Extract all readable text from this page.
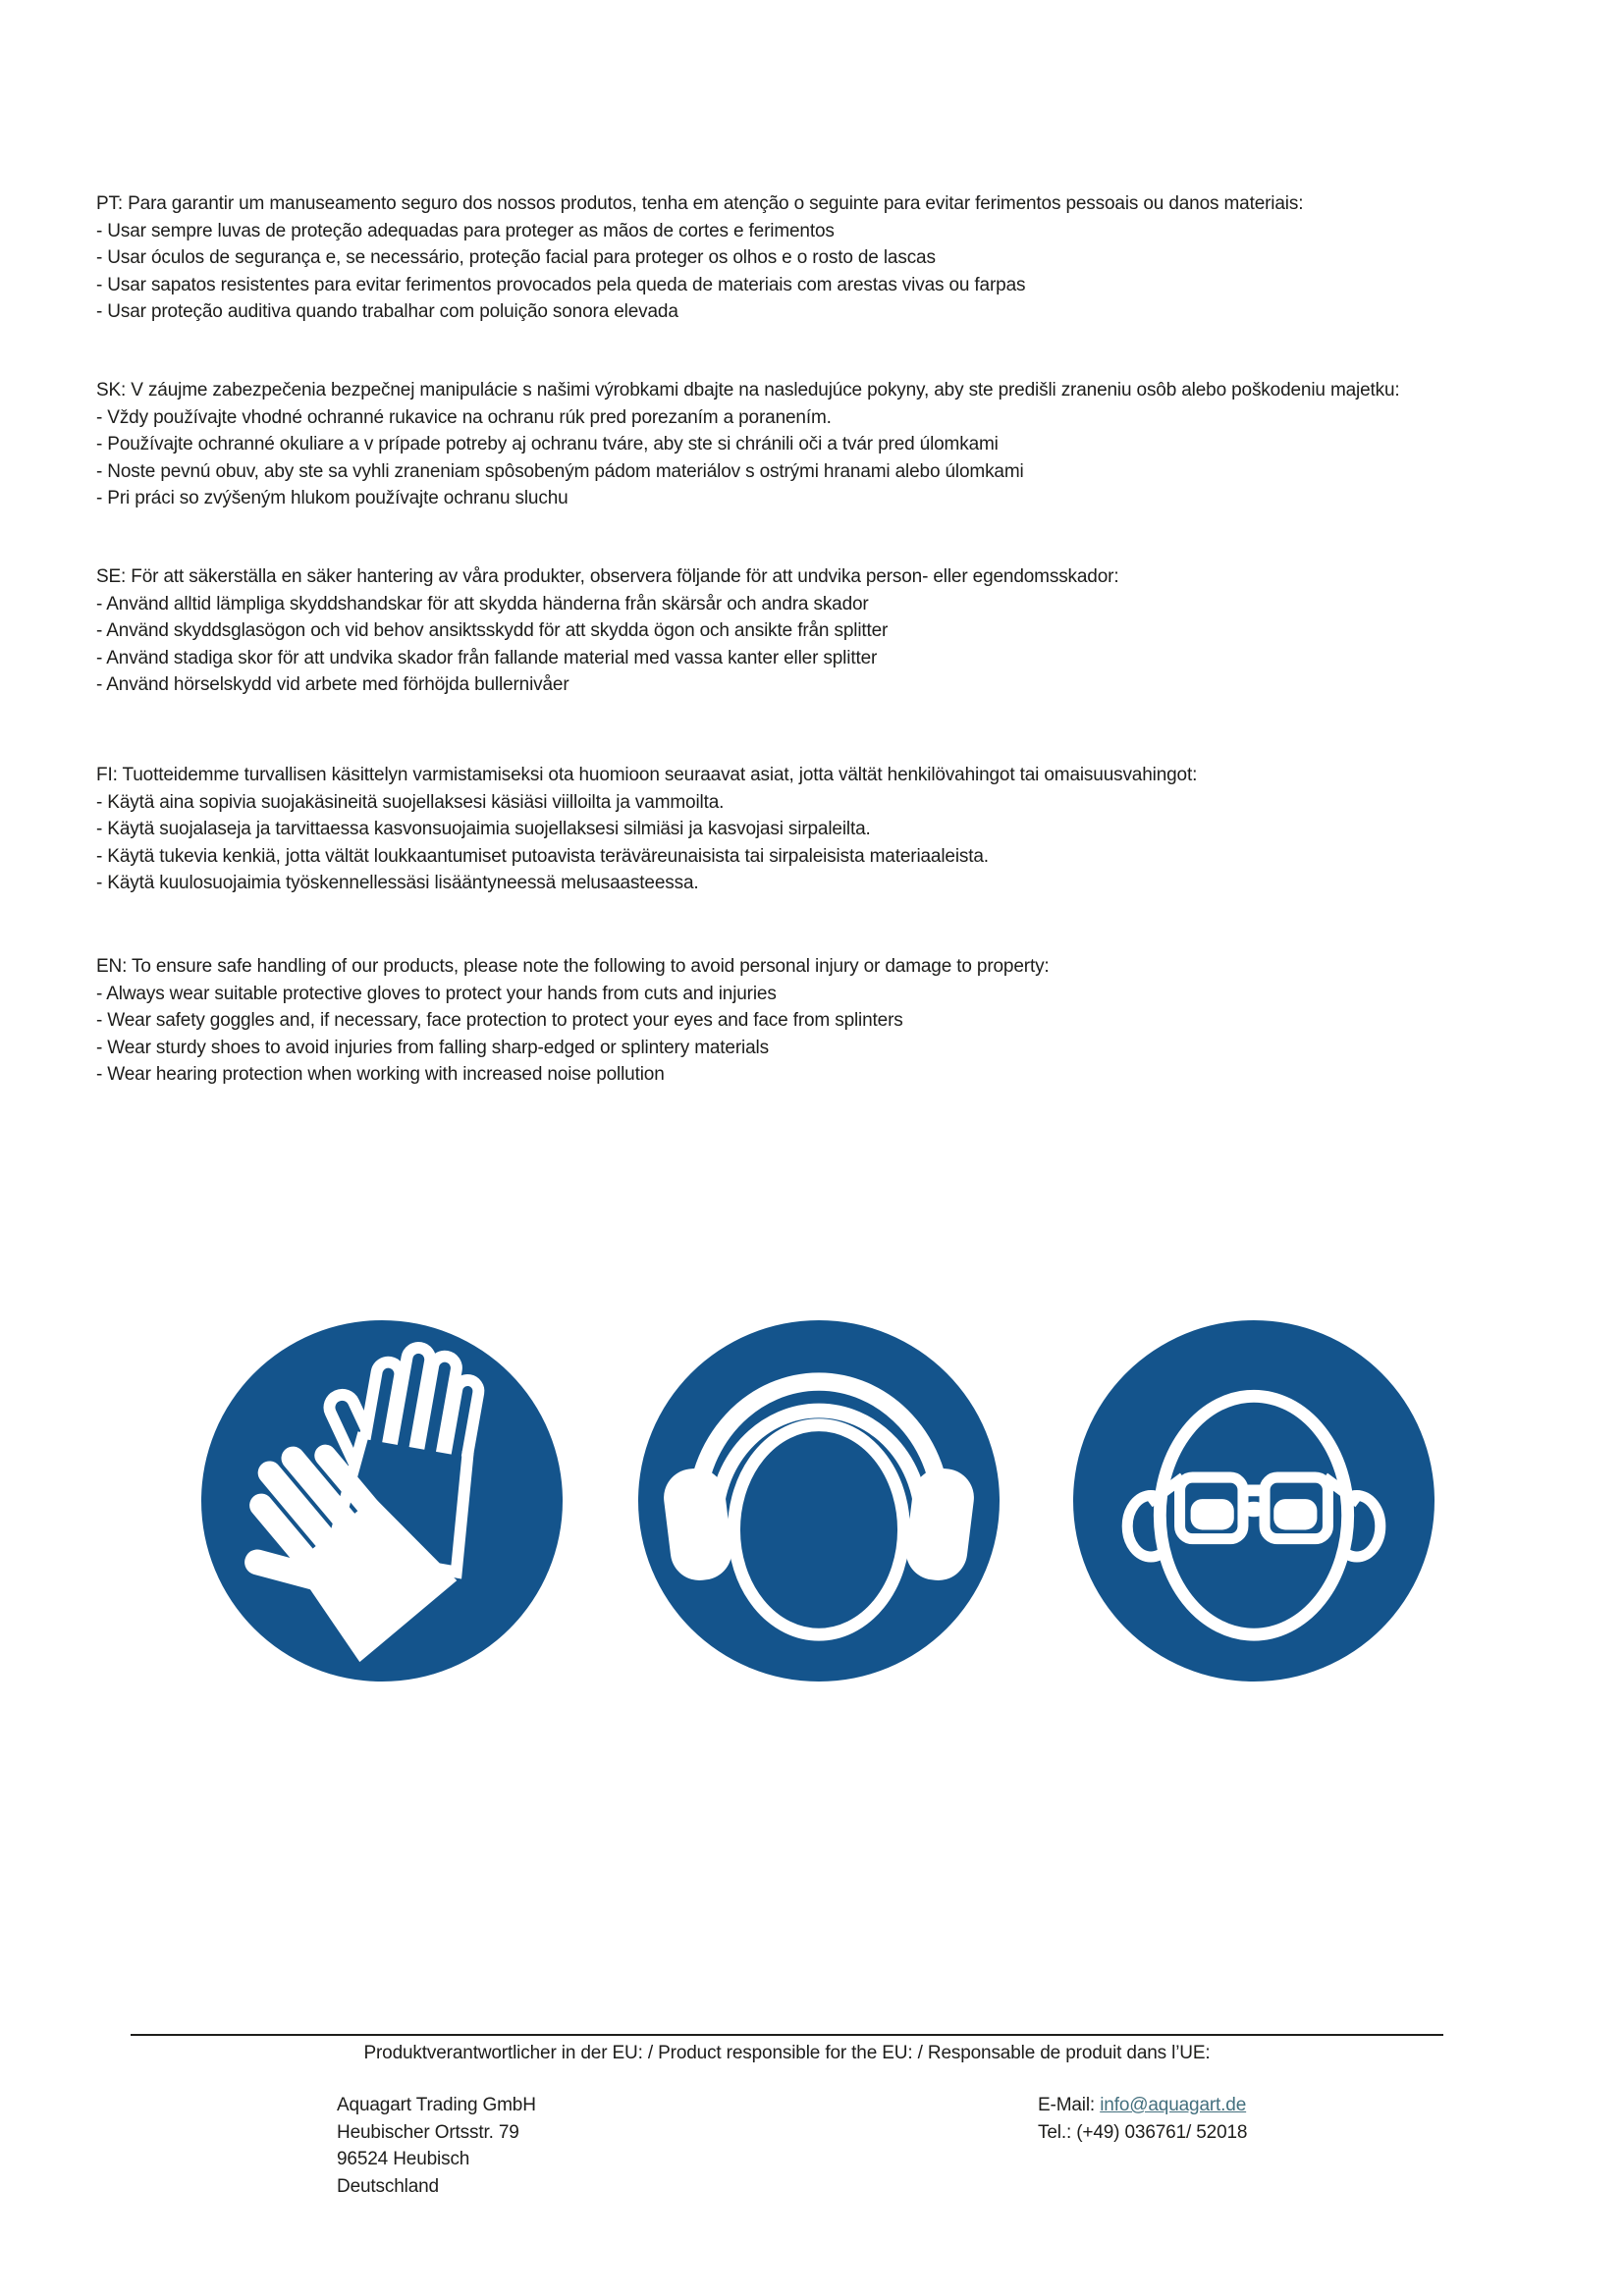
PT: Para garantir um manuseamento seguro dos nossos produtos, tenha em atenção o seguinte para evitar ferimentos pessoais ou danos materiais:

- Usar sempre luvas de proteção adequadas para proteger as mãos de cortes e ferimentos

- Usar óculos de segurança e, se necessário, proteção facial para proteger os olhos e o rosto de lascas

- Usar sapatos resistentes para evitar ferimentos provocados pela queda de materiais com arestas vivas ou farpas

- Usar proteção auditiva quando trabalhar com poluição sonora elevada

SK: V záujme zabezpečenia bezpečnej manipulácie s našimi výrobkami dbajte na nasledujúce pokyny, aby ste predišli zraneniu osôb alebo poškodeniu majetku:

- Vždy používajte vhodné ochranné rukavice na ochranu rúk pred porezaním a poranením.

- Používajte ochranné okuliare a v prípade potreby aj ochranu tváre, aby ste si chránili oči a tvár pred úlomkami

- Noste pevnú obuv, aby ste sa vyhli zraneniam spôsobeným pádom materiálov s ostrými hranami alebo úlomkami

- Pri práci so zvýšeným hlukom používajte ochranu sluchu

SE: För att säkerställa en säker hantering av våra produkter, observera följande för att undvika person- eller egendomsskador:

- Använd alltid lämpliga skyddshandskar för att skydda händerna från skärsår och andra skador

- Använd skyddsglasögon och vid behov ansiktsskydd för att skydda ögon och ansikte från splitter

- Använd stadiga skor för att undvika skador från fallande material med vassa kanter eller splitter

- Använd hörselskydd vid arbete med förhöjda bullernivåer

FI: Tuotteidemme turvallisen käsittelyn varmistamiseksi ota huomioon seuraavat asiat, jotta vältät henkilövahingot tai omaisuusvahingot:

- Käytä aina sopivia suojakäsineitä suojellaksesi käsiäsi viilloilta ja vammoilta.

- Käytä suojalaseja ja tarvittaessa kasvonsuojaimia suojellaksesi silmiäsi ja kasvojasi sirpaleilta.

- Käytä tukevia kenkiä, jotta vältät loukkaantumiset putoavista teräväreunaisista tai sirpaleisista materiaaleista.

- Käytä kuulosuojaimia työskennellessäsi lisääntyneessä melusaasteessa.

EN: To ensure safe handling of our products, please note the following to avoid personal injury or damage to property:

- Always wear suitable protective gloves to protect your hands from cuts and injuries

- Wear safety goggles and, if necessary, face protection to protect your eyes and face from splinters

- Wear sturdy shoes to avoid injuries from falling sharp-edged or splintery materials

- Wear hearing protection when working with increased noise pollution

Produktverantwortlicher in der EU: / Product responsible for the EU: / Responsable de produit dans l’UE:

Aquagart Trading GmbH

Heubischer Ortsstr. 79

96524 Heubisch

Deutschland

E-Mail: info@aquagart.de

Tel.: (+49) 036761/ 52018
